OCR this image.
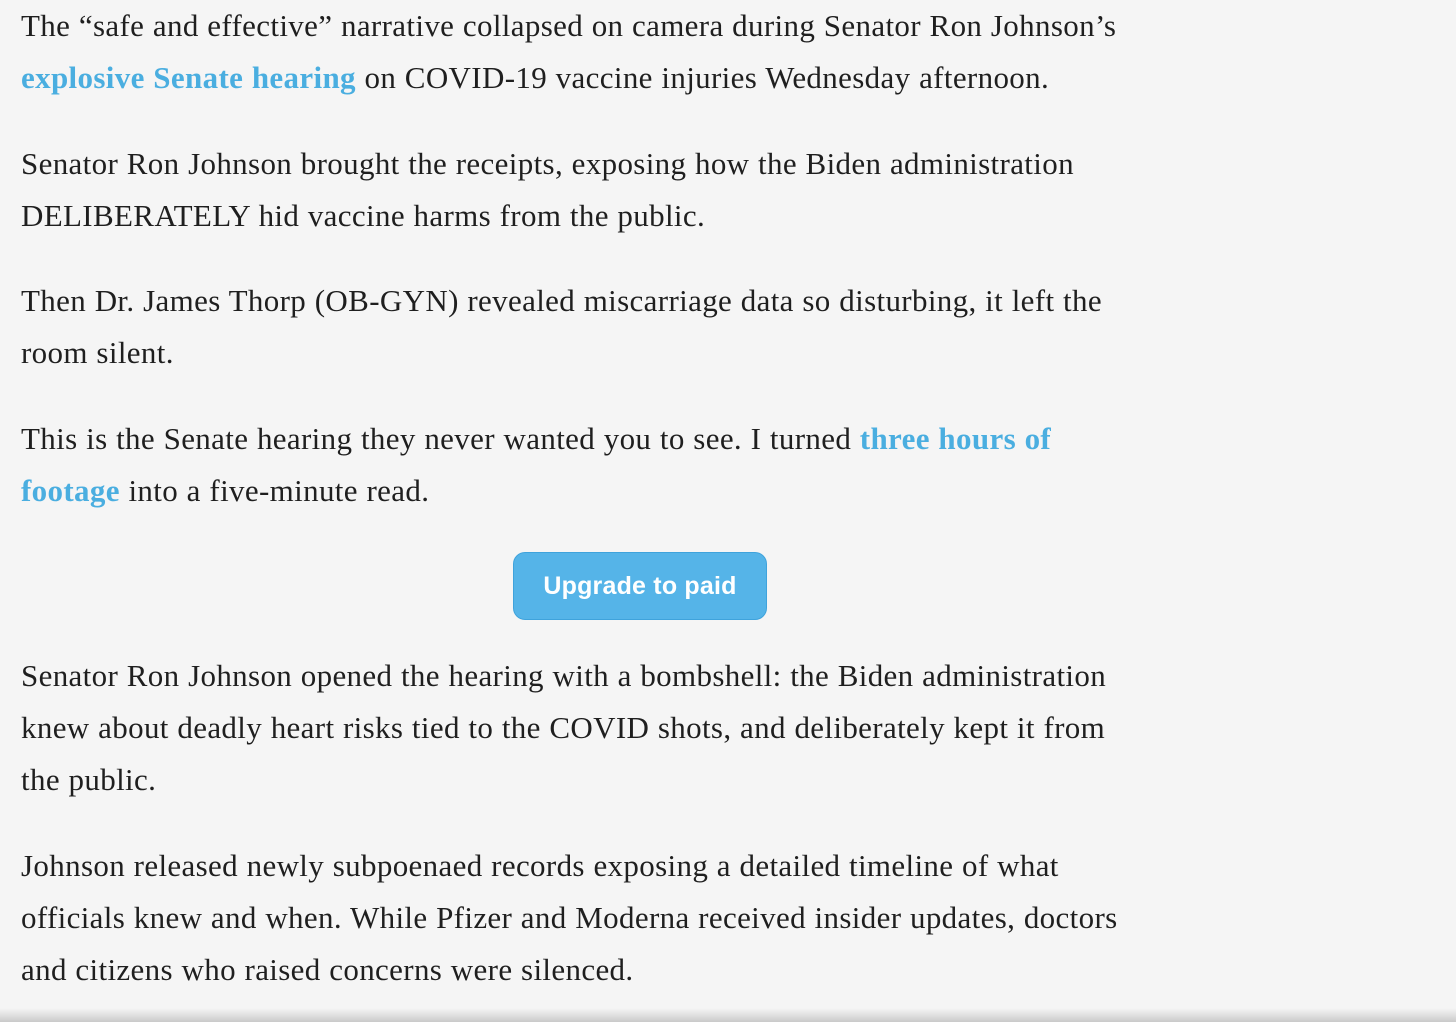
The “safe and effective” narrative collapsed on camera during Senator Ron Johnson’s
explosive Senate hearing on COVID-19 vaccine injuries Wednesday afternoon.

Senator Ron Johnson brought the receipts, exposing how the Biden administration
DELIBERATELY hid vaccine harms from the public.

Then Dr. James Thorp (OB-GYN) revealed miscarriage data so disturbing, it left the
room silent.

This is the Senate hearing they never wanted you to see. I turned three hours of
footage into a five-minute read.

Senator Ron Johnson opened the hearing with a bombshell: the Biden administration
knew about deadly heart risks tied to the COVID shots, and deliberately kept it from
the public.

Johnson released newly subpoenaed records exposing a detailed timeline of what
officials knew and when. While Pfizer and Moderna received insider updates, doctors
and citizens who raised concerns were silenced.

Upgrade to paid
